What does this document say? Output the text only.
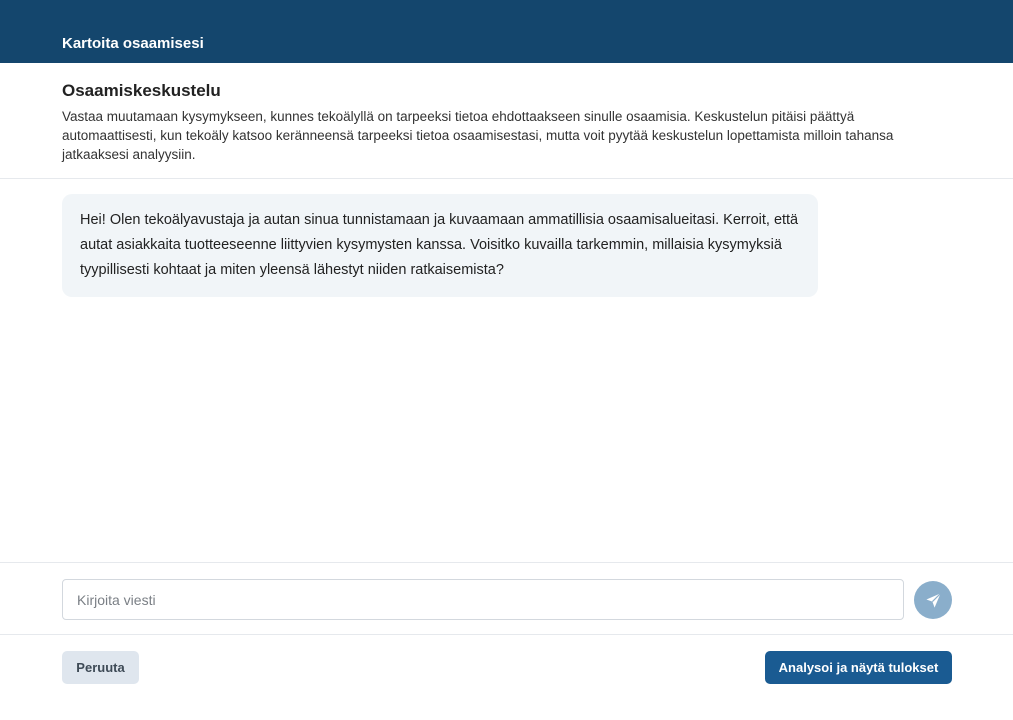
Kartoita osaamisesi
Osaamiskeskustelu

Vastaa muutamaan kysymykseen, kunnes tekoälyllä on tarpeeksi tietoa ehdottaakseen sinulle osaamisia. Keskustelun pitäisi päättyä automaattisesti, kun tekoäly katsoo keränneensä tarpeeksi tietoa osaamisestasi, mutta voit pyytää keskustelun lopettamista milloin tahansa jatkaaksesi analyysiin.

Hei! Olen tekoälyavustaja ja autan sinua tunnistamaan ja kuvaamaan ammatillisia osaamisalueitasi. Kerroit, että autat asiakkaita tuotteeseenne liittyvien kysymysten kanssa. Voisitko kuvailla tarkemmin, millaisia kysymyksiä tyypillisesti kohtaat ja miten yleensä lähestyt niiden ratkaisemista?
Kirjoita viesti
Peruuta	Analysoi ja näytä tulokset
